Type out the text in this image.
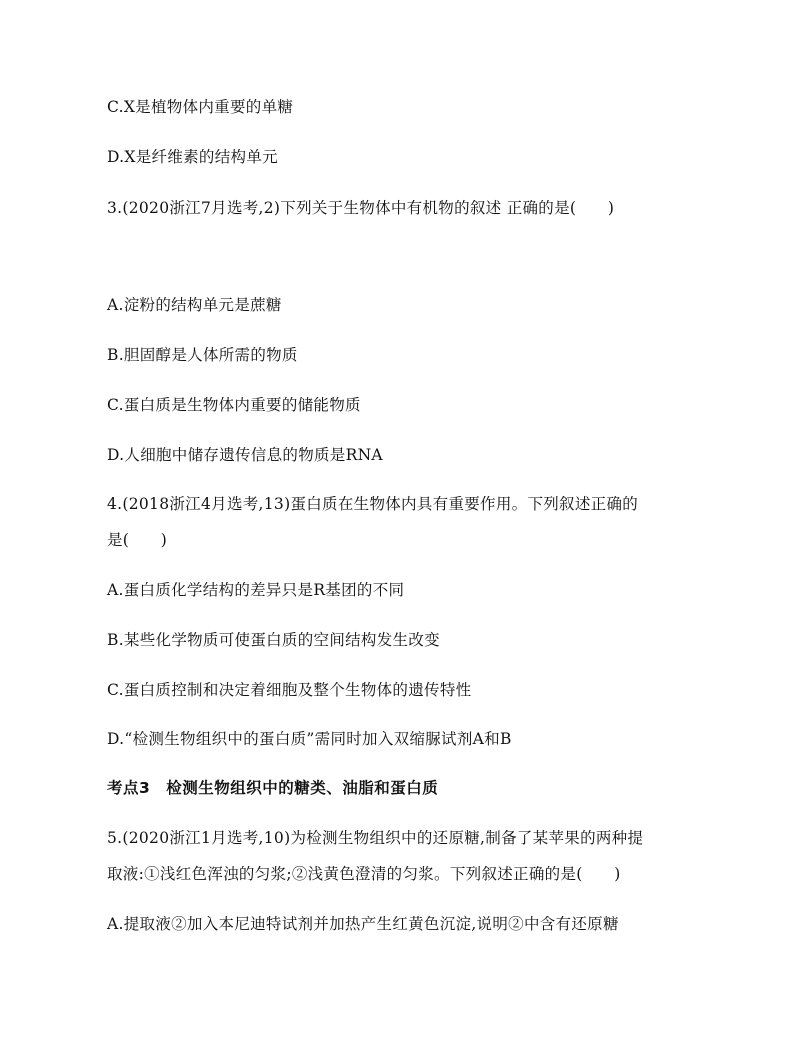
C.X是植物体内重要的单糖
D.X是纤维素的结构单元
3.(2020浙江7月选考,2)下列关于生物体中有机物的叙述 正确的是(　　)
A.淀粉的结构单元是蔗糖
B.胆固醇是人体所需的物质
C.蛋白质是生物体内重要的储能物质
D.人细胞中储存遗传信息的物质是RNA
4.(2018浙江4月选考,13)蛋白质在生物体内具有重要作用。下列叙述正确的
是(　　)
A.蛋白质化学结构的差异只是R基团的不同
B.某些化学物质可使蛋白质的空间结构发生改变
C.蛋白质控制和决定着细胞及整个生物体的遗传特性
D.“检测生物组织中的蛋白质”需同时加入双缩脲试剂A和B
考点3　检测生物组织中的糖类、油脂和蛋白质
5.(2020浙江1月选考,10)为检测生物组织中的还原糖,制备了某苹果的两种提
取液:①浅红色浑浊的匀浆;②浅黄色澄清的匀浆。下列叙述正确的是(　　)
A.提取液②加入本尼迪特试剂并加热产生红黄色沉淀,说明②中含有还原糖
